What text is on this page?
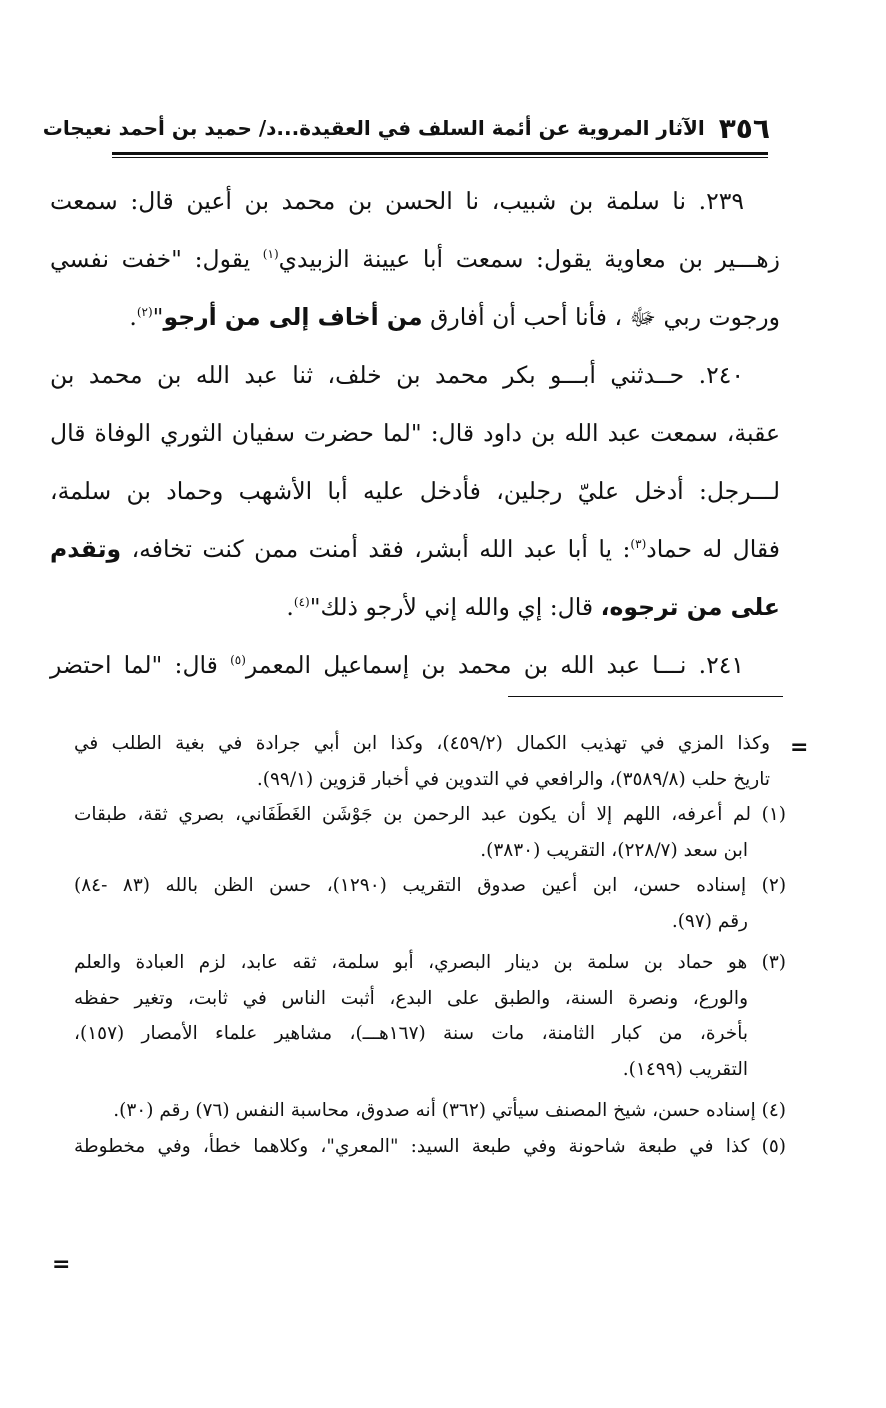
٣٥٦
الآثار المروية عن أئمة السلف في العقيدة...د/ حميد بن أحمد نعيجات
٢٣٩. نا سلمة بن شبيب، نا الحسن بن محمد بن أعين قال: سمعت
زهـــير بن معاوية يقول: سمعت أبا عيينة الزبيدي$^{(١)}$ يقول: "خفت نفسي
ورجوت ربي ﷻ ، فأنا أحب أن أفارق من أخاف إلى من أرجو"$^{(٢)}$.
٢٤٠. حــدثني أبـــو بكر محمد بن خلف، ثنا عبد الله بن محمد بن
عقبة، سمعت عبد الله بن داود قال: "لما حضرت سفيان الثوري الوفاة قال
لـــرجل: أدخل عليّ رجلين، فأدخل عليه أبا الأشهب وحماد بن سلمة،
فقال له حماد$^{(٣)}$: يا أبا عبد الله أبشر، فقد أمنت ممن كنت تخافه، وتقدم
على من ترجوه، قال: إي والله إني لأرجو ذلك"$^{(٤)}$.
٢٤١. نـــا عبد الله بن محمد بن إسماعيل المعمر$^{(٥)}$ قال: "لما احتضر
=
وكذا المزي في تهذيب الكمال (٤٥٩/٢)، وكذا ابن أبي جرادة في بغية الطلب في
تاريخ حلب (٣٥٨٩/٨)، والرافعي في التدوين في أخبار قزوين (٩٩/١).
(١) لم أعرفه، اللهم إلا أن يكون عبد الرحمن بن جَوْشَن الغَطَفَاني، بصري ثقة، طبقات
ابن سعد (٢٢٨/٧)، التقريب (٣٨٣٠).
(٢) إسناده حسن، ابن أعين صدوق التقريب (١٢٩٠)، حسن الظن بالله (٨٣ -٨٤)
رقم (٩٧).
(٣) هو حماد بن سلمة بن دينار البصري، أبو سلمة، ثقه عابد، لزم العبادة والعلم
والورع، ونصرة السنة، والطبق على البدع، أثبت الناس في ثابت، وتغير حفظه
بأخرة، من كبار الثامنة، مات سنة (١٦٧هـــ)، مشاهير علماء الأمصار (١٥٧)،
التقريب (١٤٩٩).
(٤) إسناده حسن، شيخ المصنف سيأتي (٣٦٢) أنه صدوق، محاسبة النفس (٧٦) رقم (٣٠).
(٥) كذا في طبعة شاحونة وفي طبعة السيد: "المعري"، وكلاهما خطأ، وفي مخطوطة
=
